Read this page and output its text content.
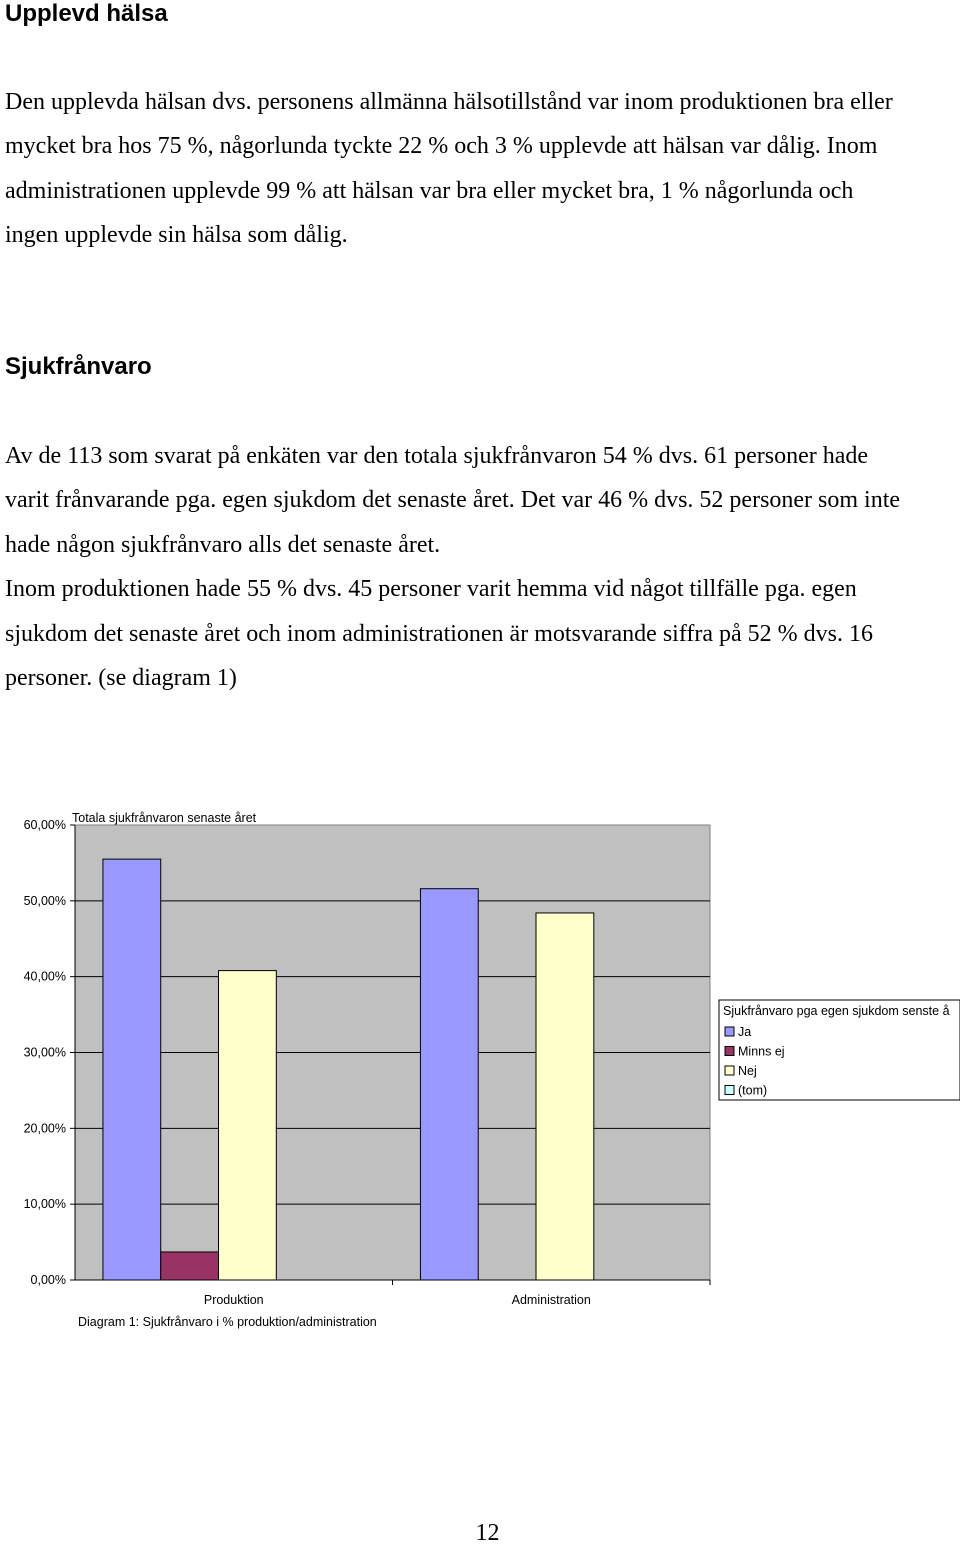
Upplevd hälsa

Den upplevda hälsan dvs. personens allmänna hälsotillstånd var inom produktionen bra eller
mycket bra hos 75 %, någorlunda tyckte 22 % och 3 % upplevde att hälsan var dålig. Inom
administrationen upplevde 99 % att hälsan var bra eller mycket bra, 1 % någorlunda och
ingen upplevde sin hälsa som dålig.

Sjukfrånvaro

Av de 113 som svarat på enkäten var den totala sjukfrånvaron 54 % dvs. 61 personer hade
varit frånvarande pga. egen sjukdom det senaste året. Det var 46 % dvs. 52 personer som inte
hade någon sjukfrånvaro alls det senaste året.
Inom produktionen hade 55 % dvs. 45 personer varit hemma vid något tillfälle pga. egen
sjukdom det senaste året och inom administrationen är motsvarande siffra på 52 % dvs. 16
personer. (se diagram 1)

0,00%
10,00%
20,00%
30,00%
40,00%
50,00%
60,00%
Produktion	Administration
Totala sjukfrånvaron senaste året
Diagram 1: Sjukfrånvaro i % produktion/administration
Sjukfrånvaro pga egen sjukdom senste å
Ja
Minns ej
Nej
(tom)

12
